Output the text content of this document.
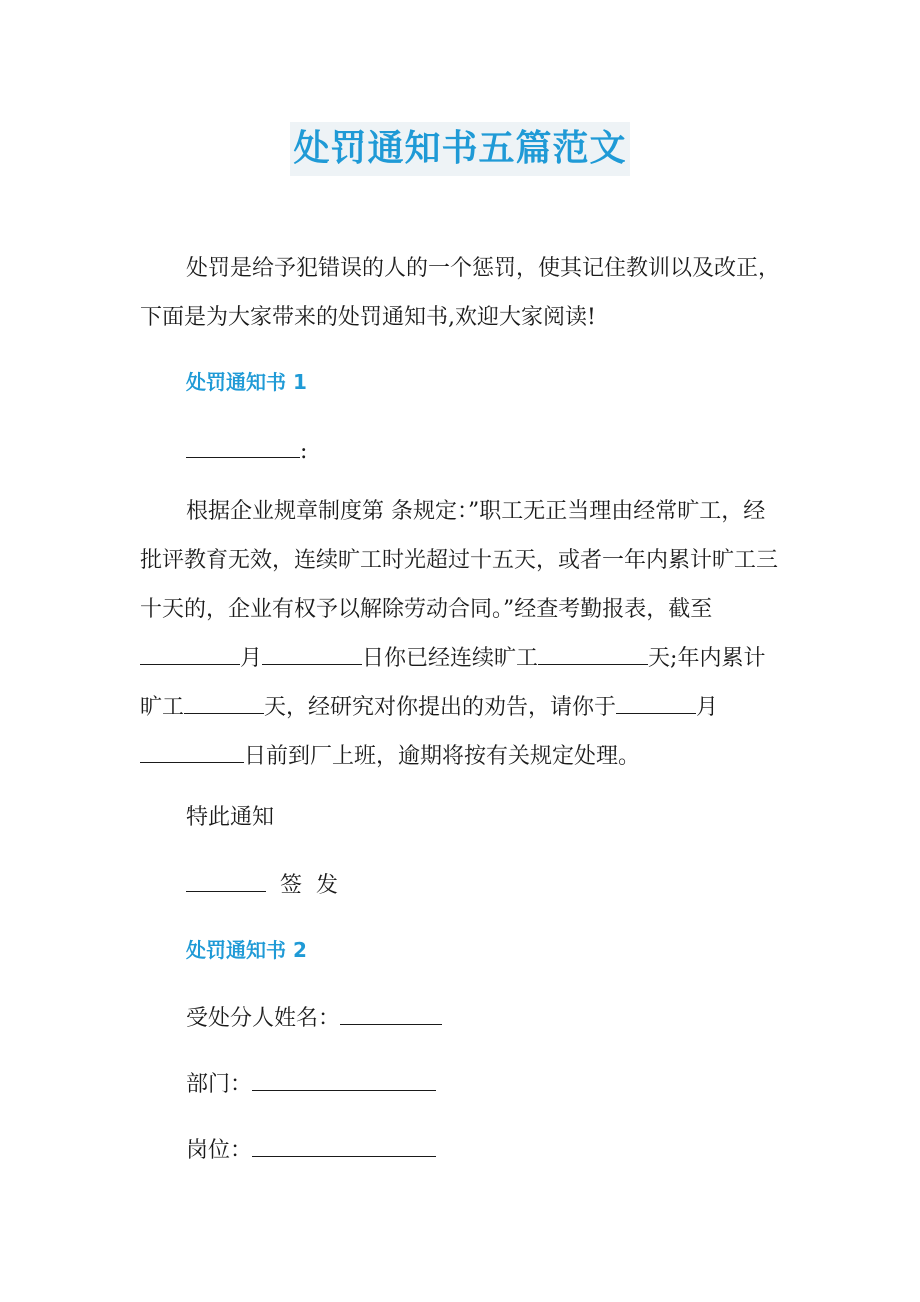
处罚通知书五篇范文

处罚是给予犯错误的人的一个惩罚，使其记住教训以及改正，下面是为大家带来的处罚通知书,欢迎大家阅读!

处罚通知书 1
:

根据企业规章制度第 条规定：”职工无正当理由经常旷工，经批评教育无效，连续旷工时光超过十五天，或者一年内累计旷工三十天的，企业有权予以解除劳动合同。”经查考勤报表，截至月	日你已经连续旷工	天;年内累计旷工	天，经研究对你提出的劝告，请你于	月日前到厂上班，逾期将按有关规定处理。

特此通知
签 发
处罚通知书 2
受处分人姓名：
部门：
岗位：
